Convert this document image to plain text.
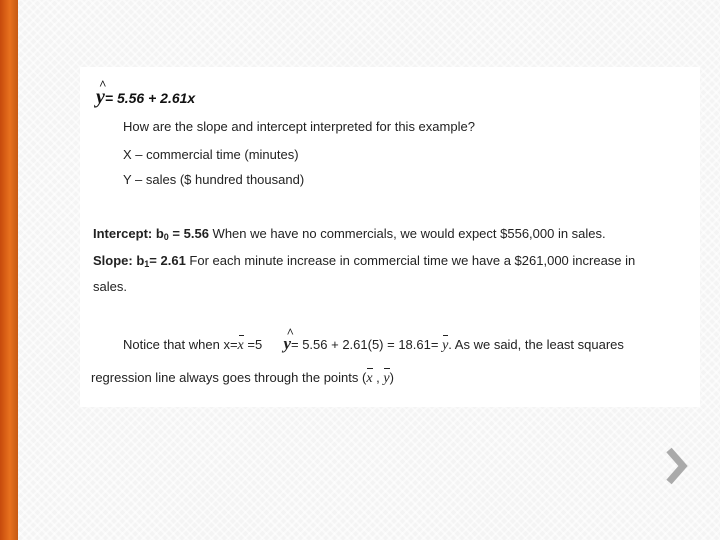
^ y= 5.56 + 2.61x
How are the slope and intercept interpreted for this example?
X – commercial time (minutes)
Y – sales ($ hundred thousand)
Intercept: $b_0 = 5.56$ When we have no commercials, we would expect $556,000 in sales.
Slope: $b_1= 2.61$ For each minute increase in commercial time we have a $261,000 increase in
sales.
Notice that when x=x =5  ^ y= 5.56 + 2.61(5) = 18.61= y. As we said, the least squares
regression line always goes through the points (x , y)
